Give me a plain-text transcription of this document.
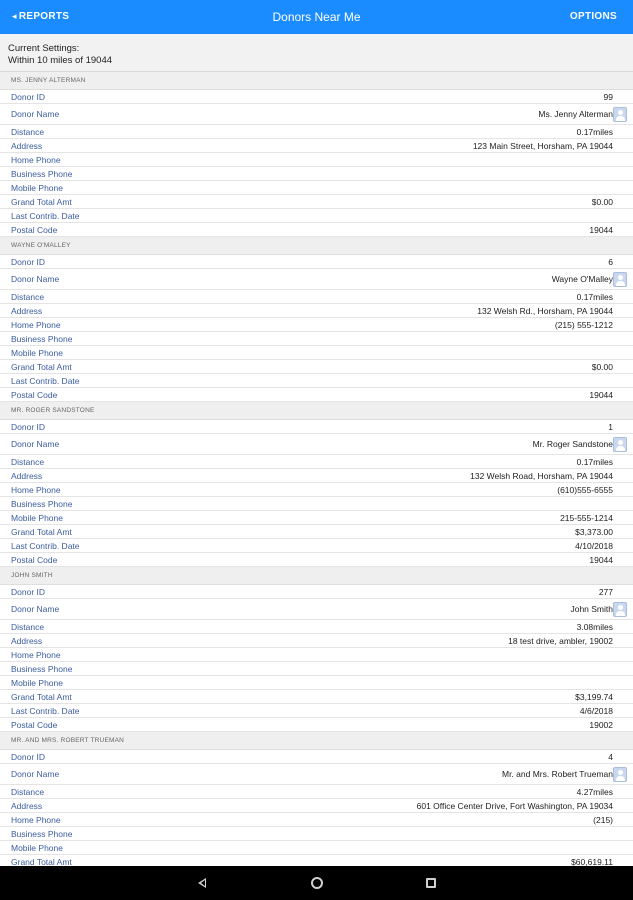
◂ REPORTS	Donors Near Me	OPTIONS
Current Settings:
Within 10 miles of 19044
MS. JENNY ALTERMAN
Donor ID	99
Donor Name	Ms. Jenny Alterman
Distance	0.17miles
Address	123 Main Street, Horsham, PA 19044
Home Phone
Business Phone
Mobile Phone
Grand Total Amt	$0.00
Last Contrib. Date
Postal Code	19044
WAYNE O'MALLEY
Donor ID	6
Donor Name	Wayne O'Malley
Distance	0.17miles
Address	132 Welsh Rd., Horsham, PA 19044
Home Phone	(215) 555-1212
Business Phone
Mobile Phone
Grand Total Amt	$0.00
Last Contrib. Date
Postal Code	19044
MR. ROGER SANDSTONE
Donor ID	1
Donor Name	Mr. Roger Sandstone
Distance	0.17miles
Address	132 Welsh Road, Horsham, PA 19044
Home Phone	(610)555-6555
Business Phone
Mobile Phone	215-555-1214
Grand Total Amt	$3,373.00
Last Contrib. Date	4/10/2018
Postal Code	19044
JOHN SMITH
Donor ID	277
Donor Name	John Smith
Distance	3.08miles
Address	18 test drive, ambler, 19002
Home Phone
Business Phone
Mobile Phone
Grand Total Amt	$3,199.74
Last Contrib. Date	4/6/2018
Postal Code	19002
MR. AND MRS. ROBERT TRUEMAN
Donor ID	4
Donor Name	Mr. and Mrs. Robert Trueman
Distance	4.27miles
Address	601 Office Center Drive, Fort Washington, PA 19034
Home Phone	(215)
Business Phone
Mobile Phone
Grand Total Amt	$60,619.11
